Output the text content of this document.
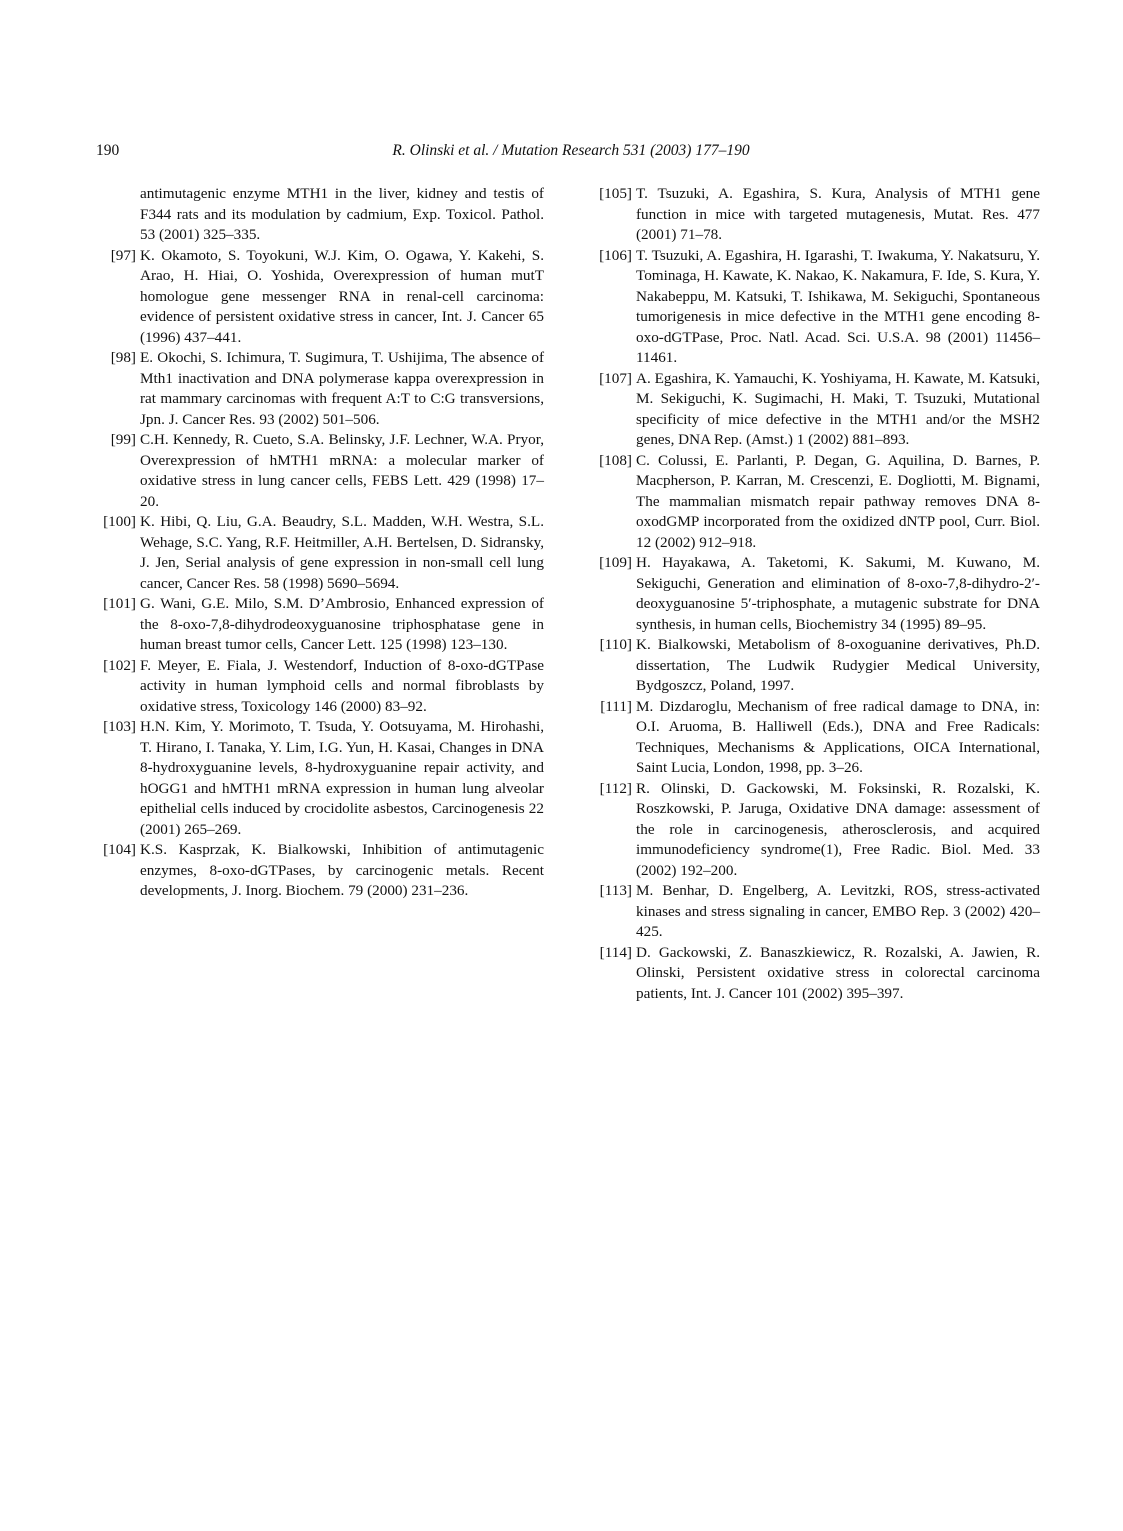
190	R. Olinski et al. / Mutation Research 531 (2003) 177–190

antimutagenic enzyme MTH1 in the liver, kidney and testis of F344 rats and its modulation by cadmium, Exp. Toxicol. Pathol. 53 (2001) 325–335.

[97] K. Okamoto, S. Toyokuni, W.J. Kim, O. Ogawa, Y. Kakehi, S. Arao, H. Hiai, O. Yoshida, Overexpression of human mutT homologue gene messenger RNA in renal-cell carcinoma: evidence of persistent oxidative stress in cancer, Int. J. Cancer 65 (1996) 437–441.

[98] E. Okochi, S. Ichimura, T. Sugimura, T. Ushijima, The absence of Mth1 inactivation and DNA polymerase kappa overexpression in rat mammary carcinomas with frequent A:T to C:G transversions, Jpn. J. Cancer Res. 93 (2002) 501–506.

[99] C.H. Kennedy, R. Cueto, S.A. Belinsky, J.F. Lechner, W.A. Pryor, Overexpression of hMTH1 mRNA: a molecular marker of oxidative stress in lung cancer cells, FEBS Lett. 429 (1998) 17–20.

[100] K. Hibi, Q. Liu, G.A. Beaudry, S.L. Madden, W.H. Westra, S.L. Wehage, S.C. Yang, R.F. Heitmiller, A.H. Bertelsen, D. Sidransky, J. Jen, Serial analysis of gene expression in non-small cell lung cancer, Cancer Res. 58 (1998) 5690–5694.

[101] G. Wani, G.E. Milo, S.M. D’Ambrosio, Enhanced expression of the 8-oxo-7,8-dihydrodeoxyguanosine triphosphatase gene in human breast tumor cells, Cancer Lett. 125 (1998) 123–130.

[102] F. Meyer, E. Fiala, J. Westendorf, Induction of 8-oxo-dGTPase activity in human lymphoid cells and normal fibroblasts by oxidative stress, Toxicology 146 (2000) 83–92.

[103] H.N. Kim, Y. Morimoto, T. Tsuda, Y. Ootsuyama, M. Hirohashi, T. Hirano, I. Tanaka, Y. Lim, I.G. Yun, H. Kasai, Changes in DNA 8-hydroxyguanine levels, 8-hydroxyguanine repair activity, and hOGG1 and hMTH1 mRNA expression in human lung alveolar epithelial cells induced by crocidolite asbestos, Carcinogenesis 22 (2001) 265–269.

[104] K.S. Kasprzak, K. Bialkowski, Inhibition of antimutagenic enzymes, 8-oxo-dGTPases, by carcinogenic metals. Recent developments, J. Inorg. Biochem. 79 (2000) 231–236.

[105] T. Tsuzuki, A. Egashira, S. Kura, Analysis of MTH1 gene function in mice with targeted mutagenesis, Mutat. Res. 477 (2001) 71–78.

[106] T. Tsuzuki, A. Egashira, H. Igarashi, T. Iwakuma, Y. Nakatsuru, Y. Tominaga, H. Kawate, K. Nakao, K. Nakamura, F. Ide, S. Kura, Y. Nakabeppu, M. Katsuki, T. Ishikawa, M. Sekiguchi, Spontaneous tumorigenesis in mice defective in the MTH1 gene encoding 8-oxo-dGTPase, Proc. Natl. Acad. Sci. U.S.A. 98 (2001) 11456–11461.

[107] A. Egashira, K. Yamauchi, K. Yoshiyama, H. Kawate, M. Katsuki, M. Sekiguchi, K. Sugimachi, H. Maki, T. Tsuzuki, Mutational specificity of mice defective in the MTH1 and/or the MSH2 genes, DNA Rep. (Amst.) 1 (2002) 881–893.

[108] C. Colussi, E. Parlanti, P. Degan, G. Aquilina, D. Barnes, P. Macpherson, P. Karran, M. Crescenzi, E. Dogliotti, M. Bignami, The mammalian mismatch repair pathway removes DNA 8-oxodGMP incorporated from the oxidized dNTP pool, Curr. Biol. 12 (2002) 912–918.

[109] H. Hayakawa, A. Taketomi, K. Sakumi, M. Kuwano, M. Sekiguchi, Generation and elimination of 8-oxo-7,8-dihydro-2′-deoxyguanosine 5′-triphosphate, a mutagenic substrate for DNA synthesis, in human cells, Biochemistry 34 (1995) 89–95.

[110] K. Bialkowski, Metabolism of 8-oxoguanine derivatives, Ph.D. dissertation, The Ludwik Rudygier Medical University, Bydgoszcz, Poland, 1997.

[111] M. Dizdaroglu, Mechanism of free radical damage to DNA, in: O.I. Aruoma, B. Halliwell (Eds.), DNA and Free Radicals: Techniques, Mechanisms & Applications, OICA International, Saint Lucia, London, 1998, pp. 3–26.

[112] R. Olinski, D. Gackowski, M. Foksinski, R. Rozalski, K. Roszkowski, P. Jaruga, Oxidative DNA damage: assessment of the role in carcinogenesis, atherosclerosis, and acquired immunodeficiency syndrome(1), Free Radic. Biol. Med. 33 (2002) 192–200.

[113] M. Benhar, D. Engelberg, A. Levitzki, ROS, stress-activated kinases and stress signaling in cancer, EMBO Rep. 3 (2002) 420–425.

[114] D. Gackowski, Z. Banaszkiewicz, R. Rozalski, A. Jawien, R. Olinski, Persistent oxidative stress in colorectal carcinoma patients, Int. J. Cancer 101 (2002) 395–397.
